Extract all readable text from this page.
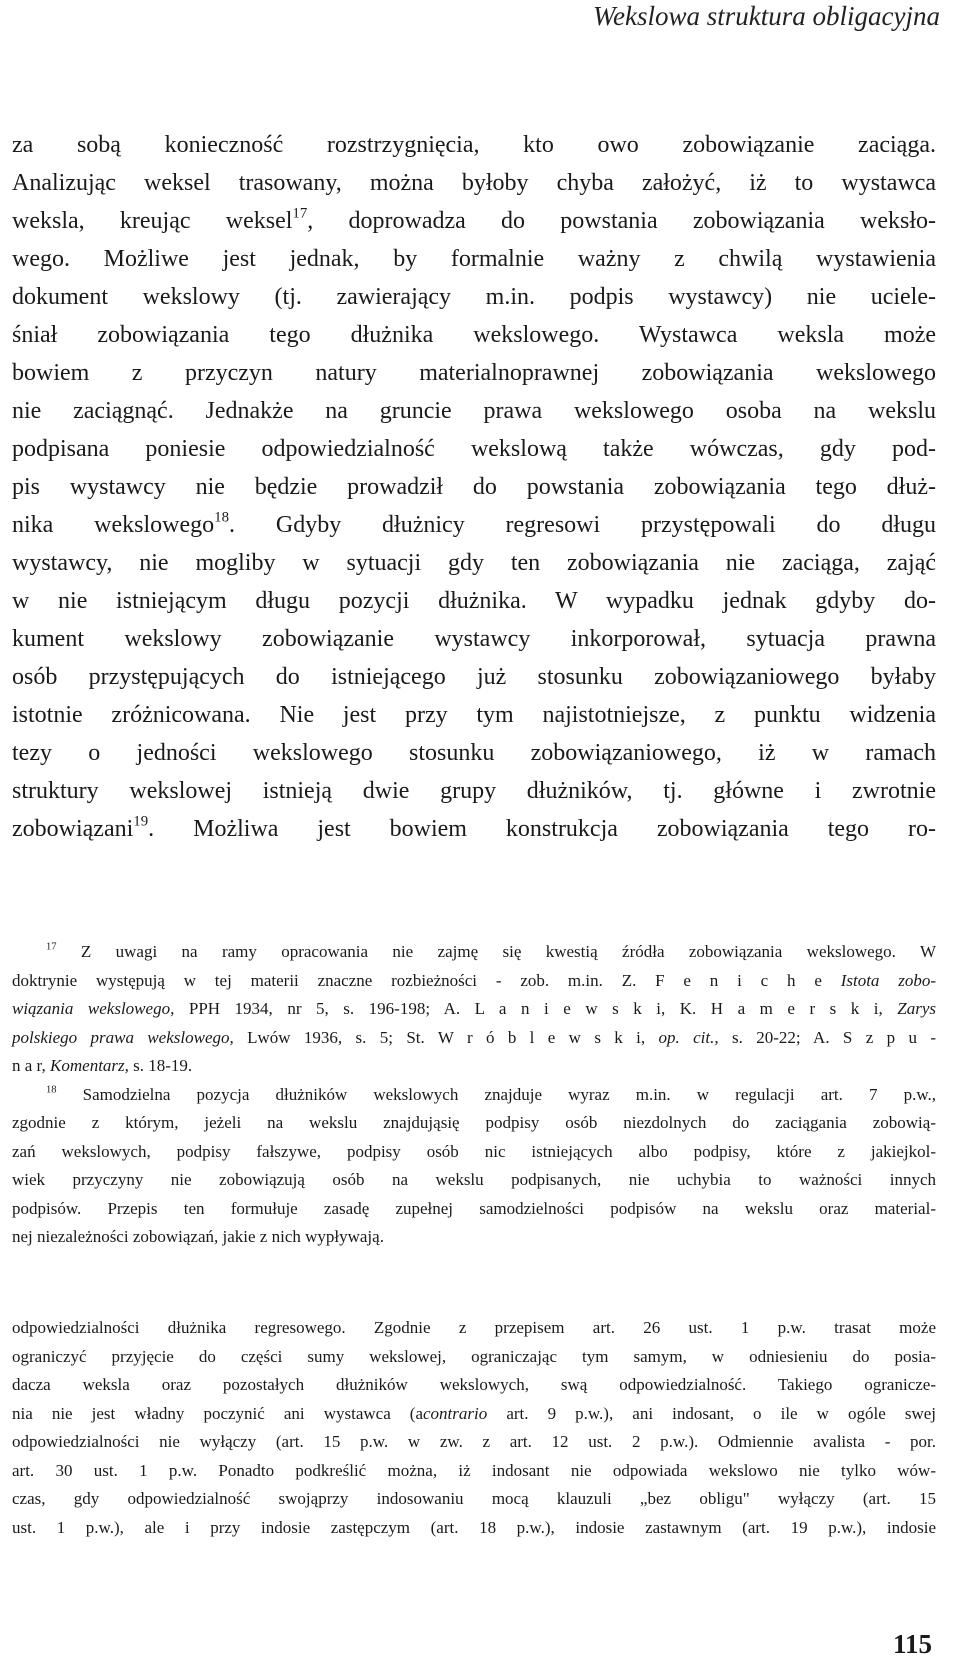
Wekslowa struktura obligacyjna
za sobą konieczność rozstrzygnięcia, kto owo zobowiązanie zaciąga.
Analizując weksel trasowany, można byłoby chyba założyć, iż to wystawca
weksla, kreując weksel$^{17}$, doprowadza do powstania zobowiązania weksło-
wego. Możliwe jest jednak, by formalnie ważny z chwilą wystawienia
dokument wekslowy (tj. zawierający m.in. podpis wystawcy) nie uciele-
śniał zobowiązania tego dłużnika wekslowego. Wystawca weksla może
bowiem z przyczyn natury materialnoprawnej zobowiązania wekslowego
nie zaciągnąć. Jednakże na gruncie prawa wekslowego osoba na wekslu
podpisana poniesie odpowiedzialność wekslową także wówczas, gdy pod-
pis wystawcy nie będzie prowadził do powstania zobowiązania tego dłuż-
nika wekslowego$^{18}$. Gdyby dłużnicy regresowi przystępowali do długu
wystawcy, nie mogliby w sytuacji gdy ten zobowiązania nie zaciąga, zająć
w nie istniejącym długu pozycji dłużnika. W wypadku jednak gdyby do-
kument wekslowy zobowiązanie wystawcy inkorporował, sytuacja prawna
osób przystępujących do istniejącego już stosunku zobowiązaniowego byłaby
istotnie zróżnicowana. Nie jest przy tym najistotniejsze, z punktu widzenia
tezy o jedności wekslowego stosunku zobowiązaniowego, iż w ramach
struktury wekslowej istnieją dwie grupy dłużników, tj. główne i zwrotnie
zobowiązani$^{19}$. Możliwa jest bowiem konstrukcja zobowiązania tego ro-
$^{17}$ Z uwagi na ramy opracowania nie zajmę się kwestią źródła zobowiązania wekslowego. W
doktrynie występują w tej materii znaczne rozbieżności - zob. m.in. Z. F e n i c h e Istota zobo-
wiązania wekslowego, PPH 1934, nr 5, s. 196-198; A. L a n i e w s k i, K. H a m e r s k i, Zarys
polskiego prawa wekslowego, Lwów 1936, s. 5; St. W r ó b l e w s k i, op. cit., s. 20-22; A. S z p u -
n a r, Komentarz, s. 18-19.
$^{18}$ Samodzielna pozycja dłużników wekslowych znajduje wyraz m.in. w regulacji art. 7 p.w.,
zgodnie z którym, jeżeli na wekslu znajdująsię podpisy osób niezdolnych do zaciągania zobowią-
zań wekslowych, podpisy fałszywe, podpisy osób nic istniejących albo podpisy, które z jakiejkol-
wiek przyczyny nie zobowiązują osób na wekslu podpisanych, nie uchybia to ważności innych
podpisów. Przepis ten formułuje zasadę zupełnej samodzielności podpisów na wekslu oraz material-
nej niezależności zobowiązań, jakie z nich wypływają.
odpowiedzialności dłużnika regresowego. Zgodnie z przepisem art. 26 ust. 1 p.w. trasat może
ograniczyć przyjęcie do części sumy wekslowej, ograniczając tym samym, w odniesieniu do posia-
dacza weksla oraz pozostałych dłużników wekslowych, swą odpowiedzialność. Takiego ogranicze-
nia nie jest władny poczynić ani wystawca (acontrario art. 9 p.w.), ani indosant, o ile w ogóle swej
odpowiedzialności nie wyłączy (art. 15 p.w. w zw. z art. 12 ust. 2 p.w.). Odmiennie avalista - por.
art. 30 ust. 1 p.w. Ponadto podkreślić można, iż indosant nie odpowiada wekslowo nie tylko wów-
czas, gdy odpowiedzialność swojąprzy indosowaniu mocą klauzuli „bez obligu" wyłączy (art. 15
ust. 1 p.w.), ale i przy indosie zastępczym (art. 18 p.w.), indosie zastawnym (art. 19 p.w.), indosie
115
